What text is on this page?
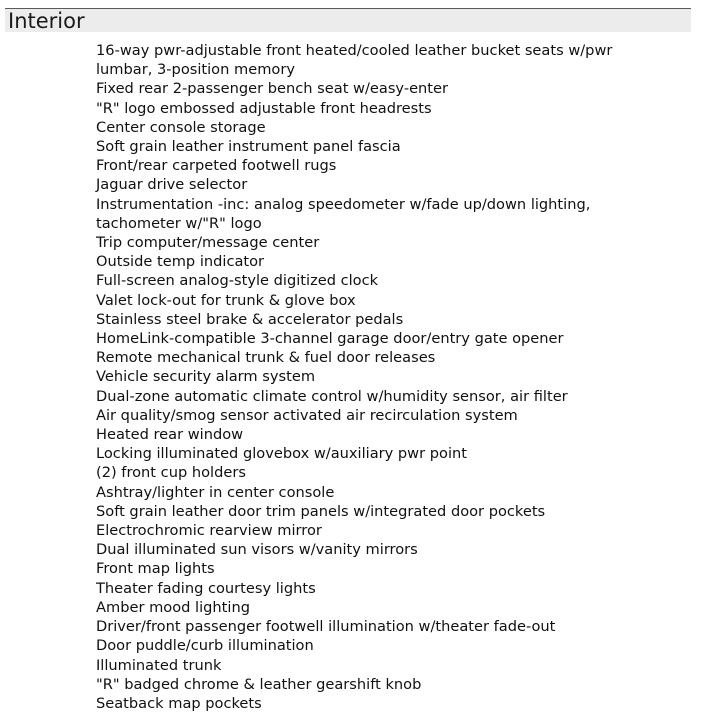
Interior
16-way pwr-adjustable front heated/cooled leather bucket seats w/pwr
lumbar, 3-position memory
Fixed rear 2-passenger bench seat w/easy-enter
"R" logo embossed adjustable front headrests
Center console storage
Soft grain leather instrument panel fascia
Front/rear carpeted footwell rugs
Jaguar drive selector
Instrumentation -inc: analog speedometer w/fade up/down lighting,
tachometer w/"R" logo
Trip computer/message center
Outside temp indicator
Full-screen analog-style digitized clock
Valet lock-out for trunk & glove box
Stainless steel brake & accelerator pedals
HomeLink-compatible 3-channel garage door/entry gate opener
Remote mechanical trunk & fuel door releases
Vehicle security alarm system
Dual-zone automatic climate control w/humidity sensor, air filter
Air quality/smog sensor activated air recirculation system
Heated rear window
Locking illuminated glovebox w/auxiliary pwr point
(2) front cup holders
Ashtray/lighter in center console
Soft grain leather door trim panels w/integrated door pockets
Electrochromic rearview mirror
Dual illuminated sun visors w/vanity mirrors
Front map lights
Theater fading courtesy lights
Amber mood lighting
Driver/front passenger footwell illumination w/theater fade-out
Door puddle/curb illumination
Illuminated trunk
"R" badged chrome & leather gearshift knob
Seatback map pockets
